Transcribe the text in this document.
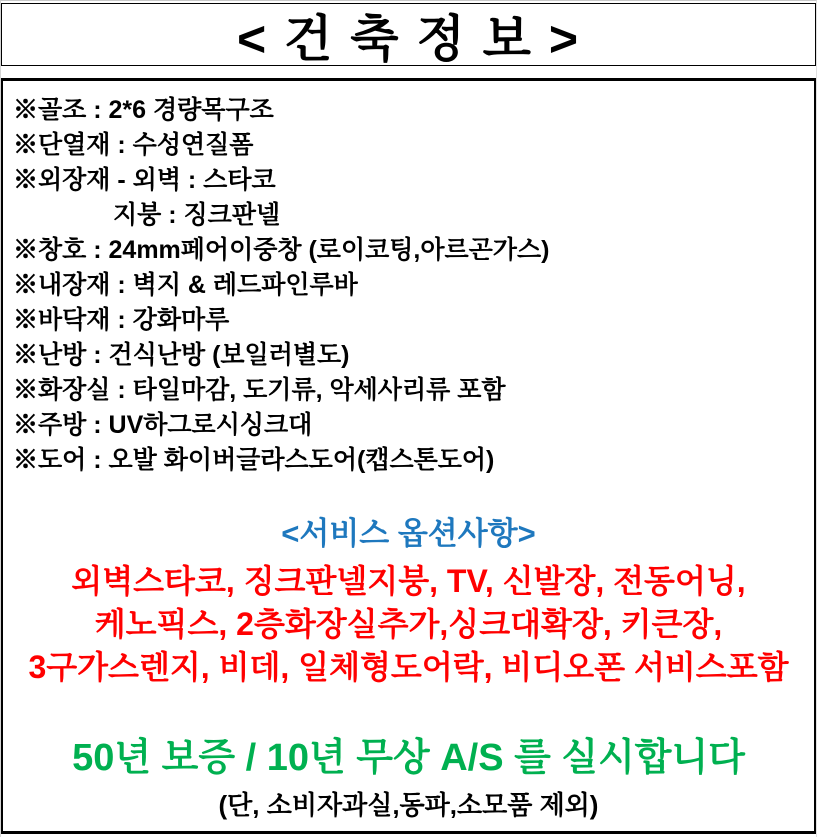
< 건 축 정 보 >
※골조 : 2*6 경량목구조
※단열재 : 수성연질폼
※외장재 - 외벽 : 스타코
지붕 : 징크판넬
※창호 : 24mm페어이중창 (로이코팅,아르곤가스)
※내장재 : 벽지 & 레드파인루바
※바닥재 : 강화마루
※난방 : 건식난방 (보일러별도)
※화장실 : 타일마감, 도기류, 악세사리류 포함
※주방 : UV하그로시싱크대
※도어 : 오발 화이버글라스도어(캡스톤도어)
<서비스 옵션사항>
외벽스타코, 징크판넬지붕, TV, 신발장, 전동어닝,
케노픽스, 2층화장실추가,싱크대확장, 키큰장,
3구가스렌지, 비데, 일체형도어락, 비디오폰 서비스포함
50년 보증 / 10년 무상 A/S 를 실시합니다
(단, 소비자과실,동파,소모품 제외)
